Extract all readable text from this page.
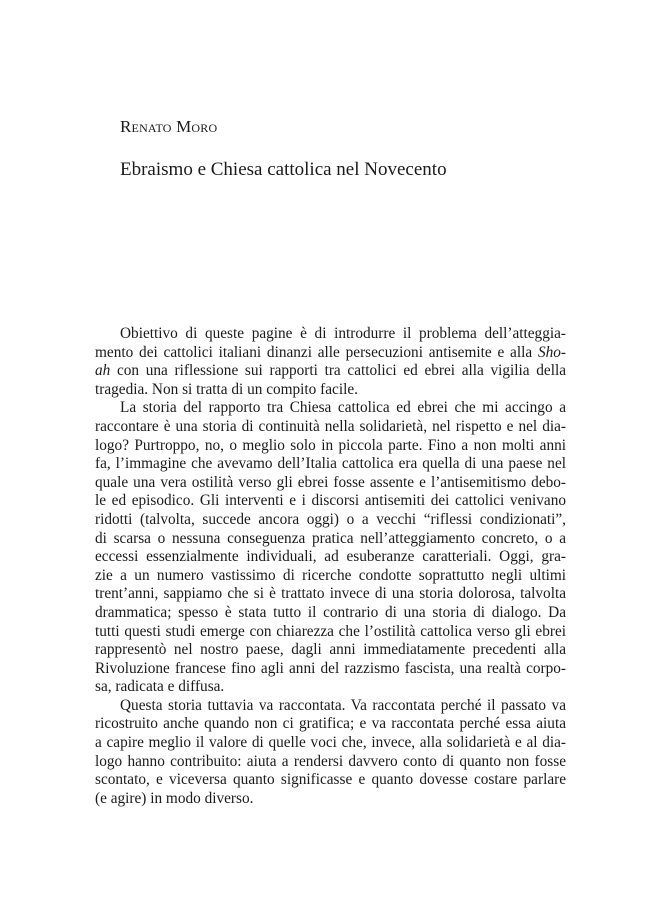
Renato Moro
Ebraismo e Chiesa cattolica nel Novecento
Obiettivo di queste pagine è di introdurre il problema dell’atteggia-
mento dei cattolici italiani dinanzi alle persecuzioni antisemite e alla Sho-
ah con una riflessione sui rapporti tra cattolici ed ebrei alla vigilia della
tragedia. Non si tratta di un compito facile.
La storia del rapporto tra Chiesa cattolica ed ebrei che mi accingo a
raccontare è una storia di continuità nella solidarietà, nel rispetto e nel dia-
logo? Purtroppo, no, o meglio solo in piccola parte. Fino a non molti anni
fa, l’immagine che avevamo dell’Italia cattolica era quella di una paese nel
quale una vera ostilità verso gli ebrei fosse assente e l’antisemitismo debo-
le ed episodico. Gli interventi e i discorsi antisemiti dei cattolici venivano
ridotti (talvolta, succede ancora oggi) o a vecchi “riflessi condizionati”,
di scarsa o nessuna conseguenza pratica nell’atteggiamento concreto, o a
eccessi essenzialmente individuali, ad esuberanze caratteriali. Oggi, gra-
zie a un numero vastissimo di ricerche condotte soprattutto negli ultimi
trent’anni, sappiamo che si è trattato invece di una storia dolorosa, talvolta
drammatica; spesso è stata tutto il contrario di una storia di dialogo. Da
tutti questi studi emerge con chiarezza che l’ostilità cattolica verso gli ebrei
rappresentò nel nostro paese, dagli anni immediatamente precedenti alla
Rivoluzione francese fino agli anni del razzismo fascista, una realtà corpo-
sa, radicata e diffusa.
Questa storia tuttavia va raccontata. Va raccontata perché il passato va
ricostruito anche quando non ci gratifica; e va raccontata perché essa aiuta
a capire meglio il valore di quelle voci che, invece, alla solidarietà e al dia-
logo hanno contribuito: aiuta a rendersi davvero conto di quanto non fosse
scontato, e viceversa quanto significasse e quanto dovesse costare parlare
(e agire) in modo diverso.
